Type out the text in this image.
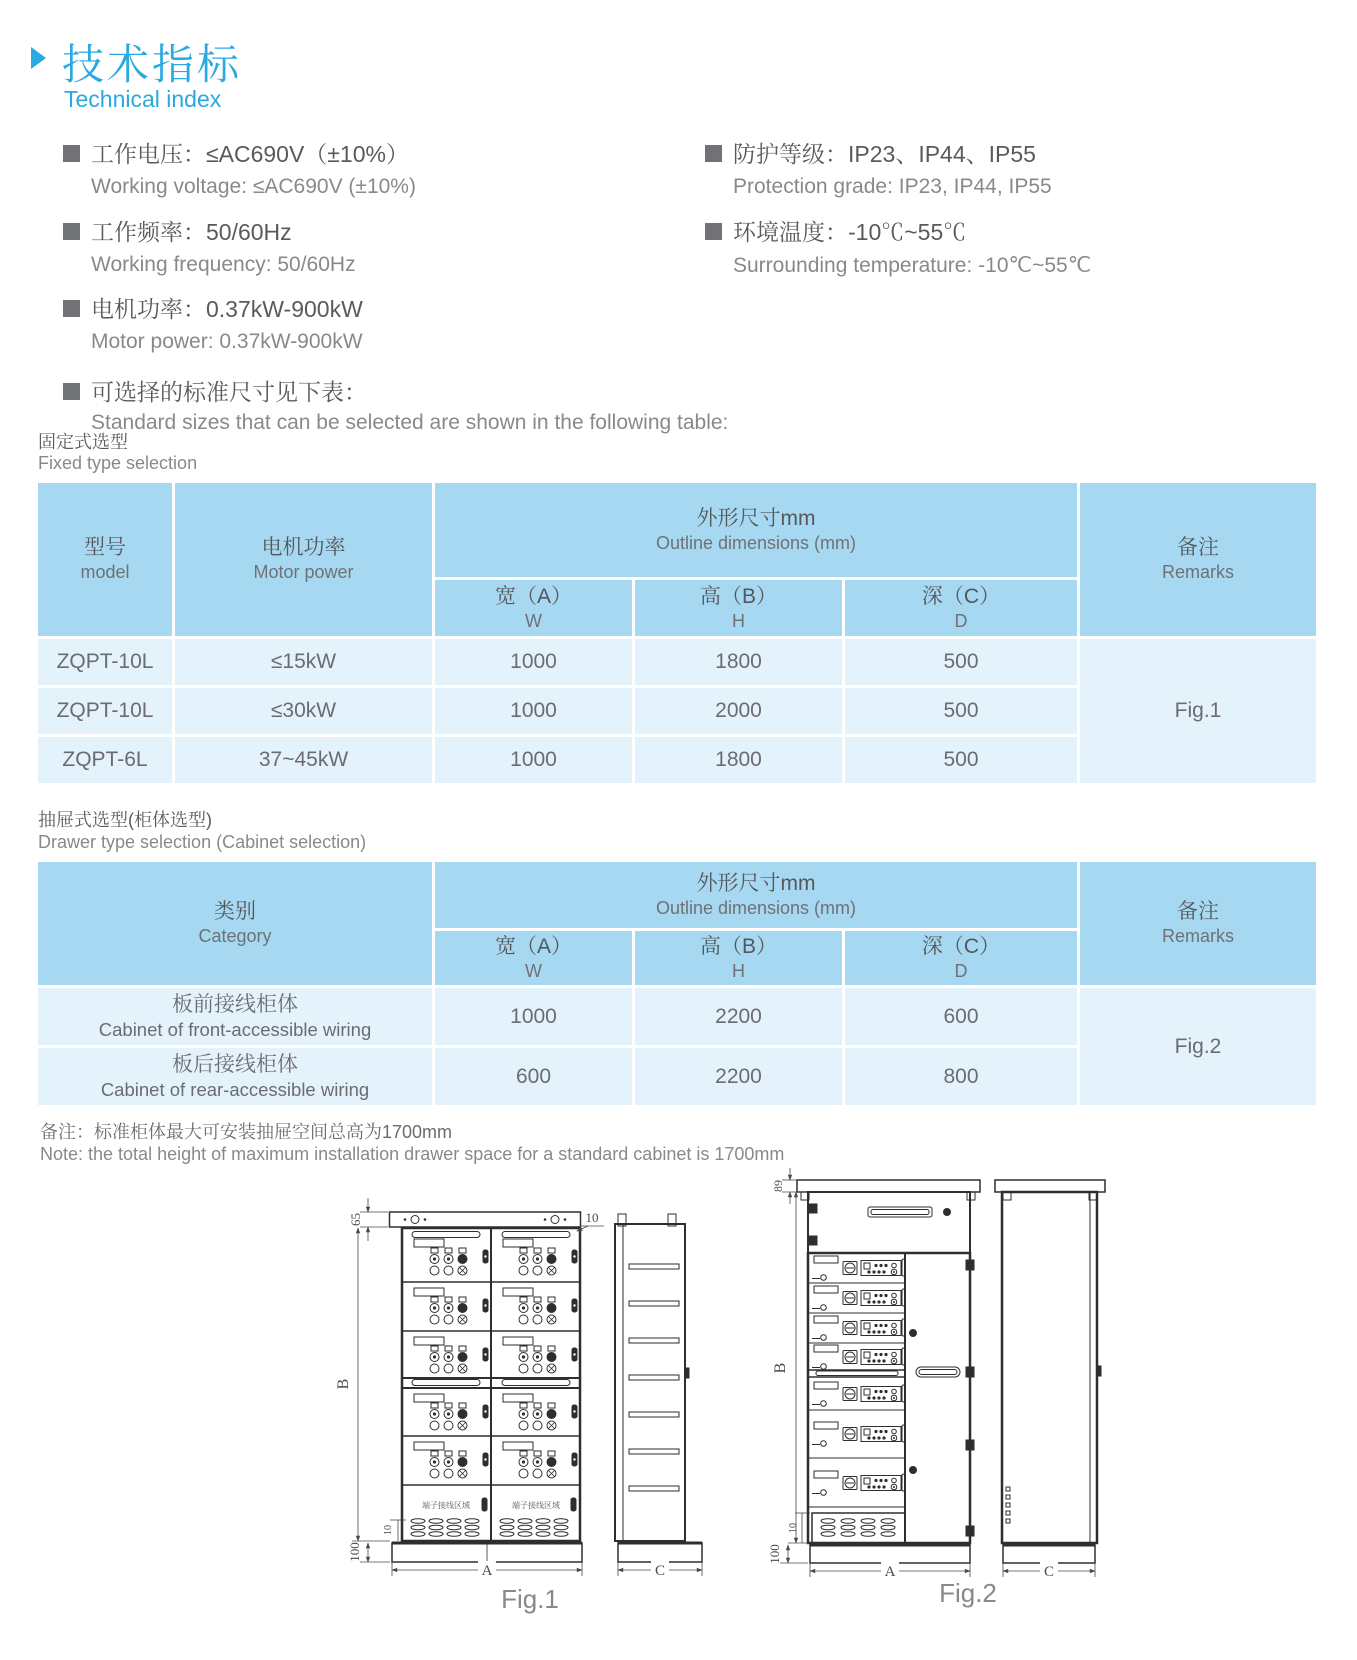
技术指标
Technical index
工作电压：≤AC690V（±10%）
Working voltage: ≤AC690V (±10%)
工作频率：50/60Hz
Working frequency: 50/60Hz
电机功率：0.37kW-900kW
Motor power: 0.37kW-900kW
可选择的标准尺寸见下表：
Standard sizes that can be selected are shown in the following table:
防护等级：IP23、IP44、IP55
Protection grade: IP23, IP44, IP55
环境温度：-10℃~55℃
Surrounding temperature: -10℃~55℃
固定式选型
Fixed type selection
型号
model
电机功率
Motor power
外形尺寸mm
Outline dimensions (mm)
宽（A）
W
高（B）
H
深（C）
D
备注
Remarks
ZQPT-10L	≤15kW	1000	1800	500
Fig.1
ZQPT-10L	≤30kW	1000	2000	500
ZQPT-6L	37~45kW	1000	1800	500
抽屉式选型(柜体选型)
Drawer type selection (Cabinet selection)
类别
Category
外形尺寸mm
Outline dimensions (mm)
宽（A）
W
高（B）
H
深（C）
D
备注
Remarks
板前接线柜体
Cabinet of front-accessible wiring
1000	2200	600
Fig.2
板后接线柜体
Cabinet of rear-accessible wiring
600	2200	800
备注：标准柜体最大可安装抽屉空间总高为1700mm
Note: the total height of maximum installation drawer space for a standard cabinet is 1700mm
端子接线区域	端子接线区域
65
B
10
100
10
A	C
89
B
10
100
A	C
Fig.1	Fig.2
